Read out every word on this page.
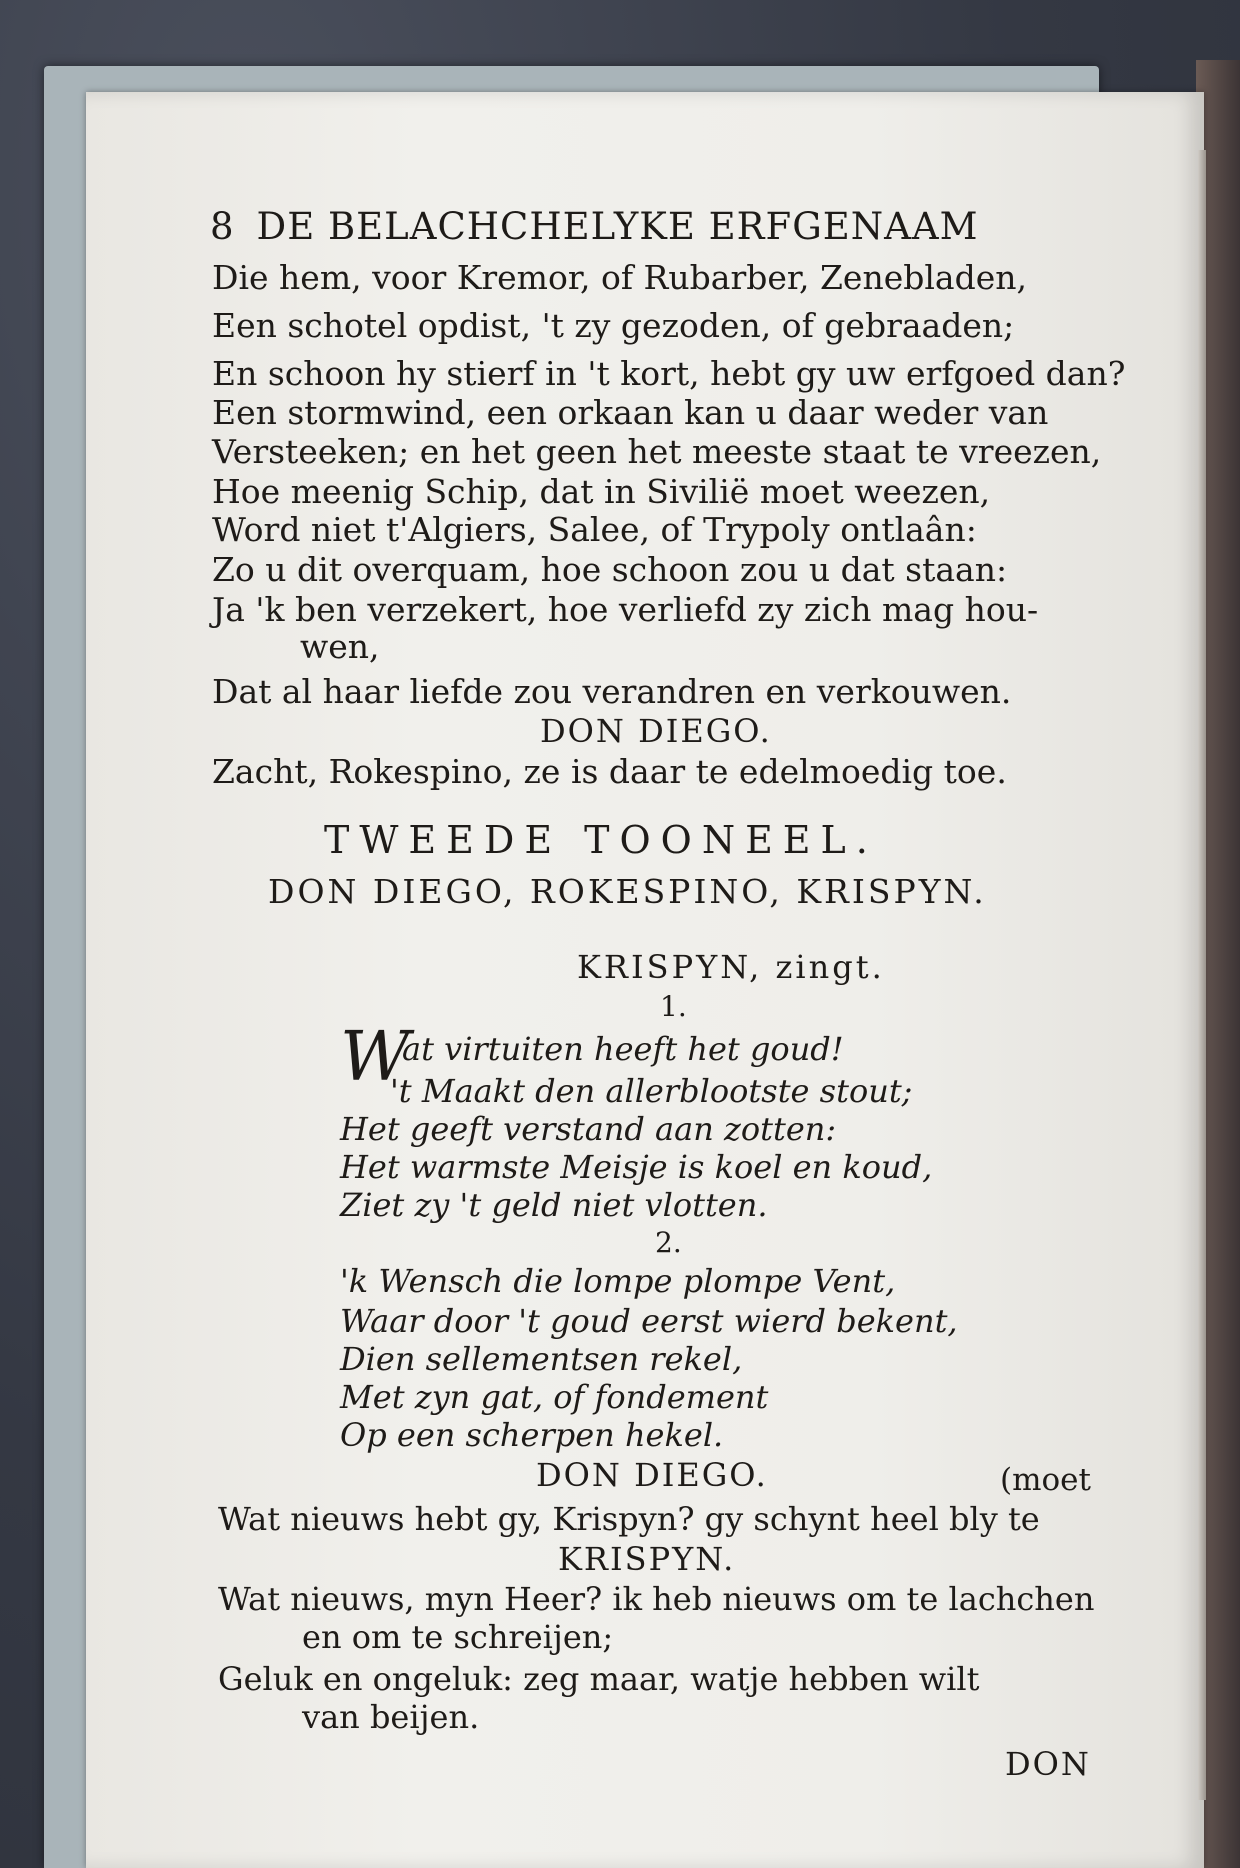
8 DE BELACHCHELYKE ERFGENAAM
Die hem, voor Kremor, of Rubarber, Zenebladen,
Een schotel opdist, 't zy gezoden, of gebraaden;
En schoon hy stierf in 't kort, hebt gy uw erfgoed dan?
Een stormwind, een orkaan kan u daar weder van
Versteeken; en het geen het meeste staat te vreezen,
Hoe meenig Schip, dat in Sivilië moet weezen,
Word niet t'Algiers, Salee, of Trypoly ontlaân:
Zo u dit overquam, hoe schoon zou u dat staan:
Ja 'k ben verzekert, hoe verliefd zy zich mag hou-
wen,
Dat al haar liefde zou verandren en verkouwen.
DON DIEGO.
Zacht, Rokespino, ze is daar te edelmoedig toe.
TWEEDE TOONEEL.
DON DIEGO, ROKESPINO, KRISPYN.
KRISPYN, zingt.
1.
W
at virtuiten heeft het goud!
't Maakt den allerblootste stout;
Het geeft verstand aan zotten:
Het warmste Meisje is koel en koud,
Ziet zy 't geld niet vlotten.
2.
'k Wensch die lompe plompe Vent,
Waar door 't goud eerst wierd bekent,
Dien sellementsen rekel,
Met zyn gat, of fondement
Op een scherpen hekel.
DON DIEGO.	(moet
Wat nieuws hebt gy, Krispyn? gy schynt heel bly te
KRISPYN.
Wat nieuws, myn Heer? ik heb nieuws om te lachchen
en om te schreijen;
Geluk en ongeluk: zeg maar, watje hebben wilt
van beijen.
DON
